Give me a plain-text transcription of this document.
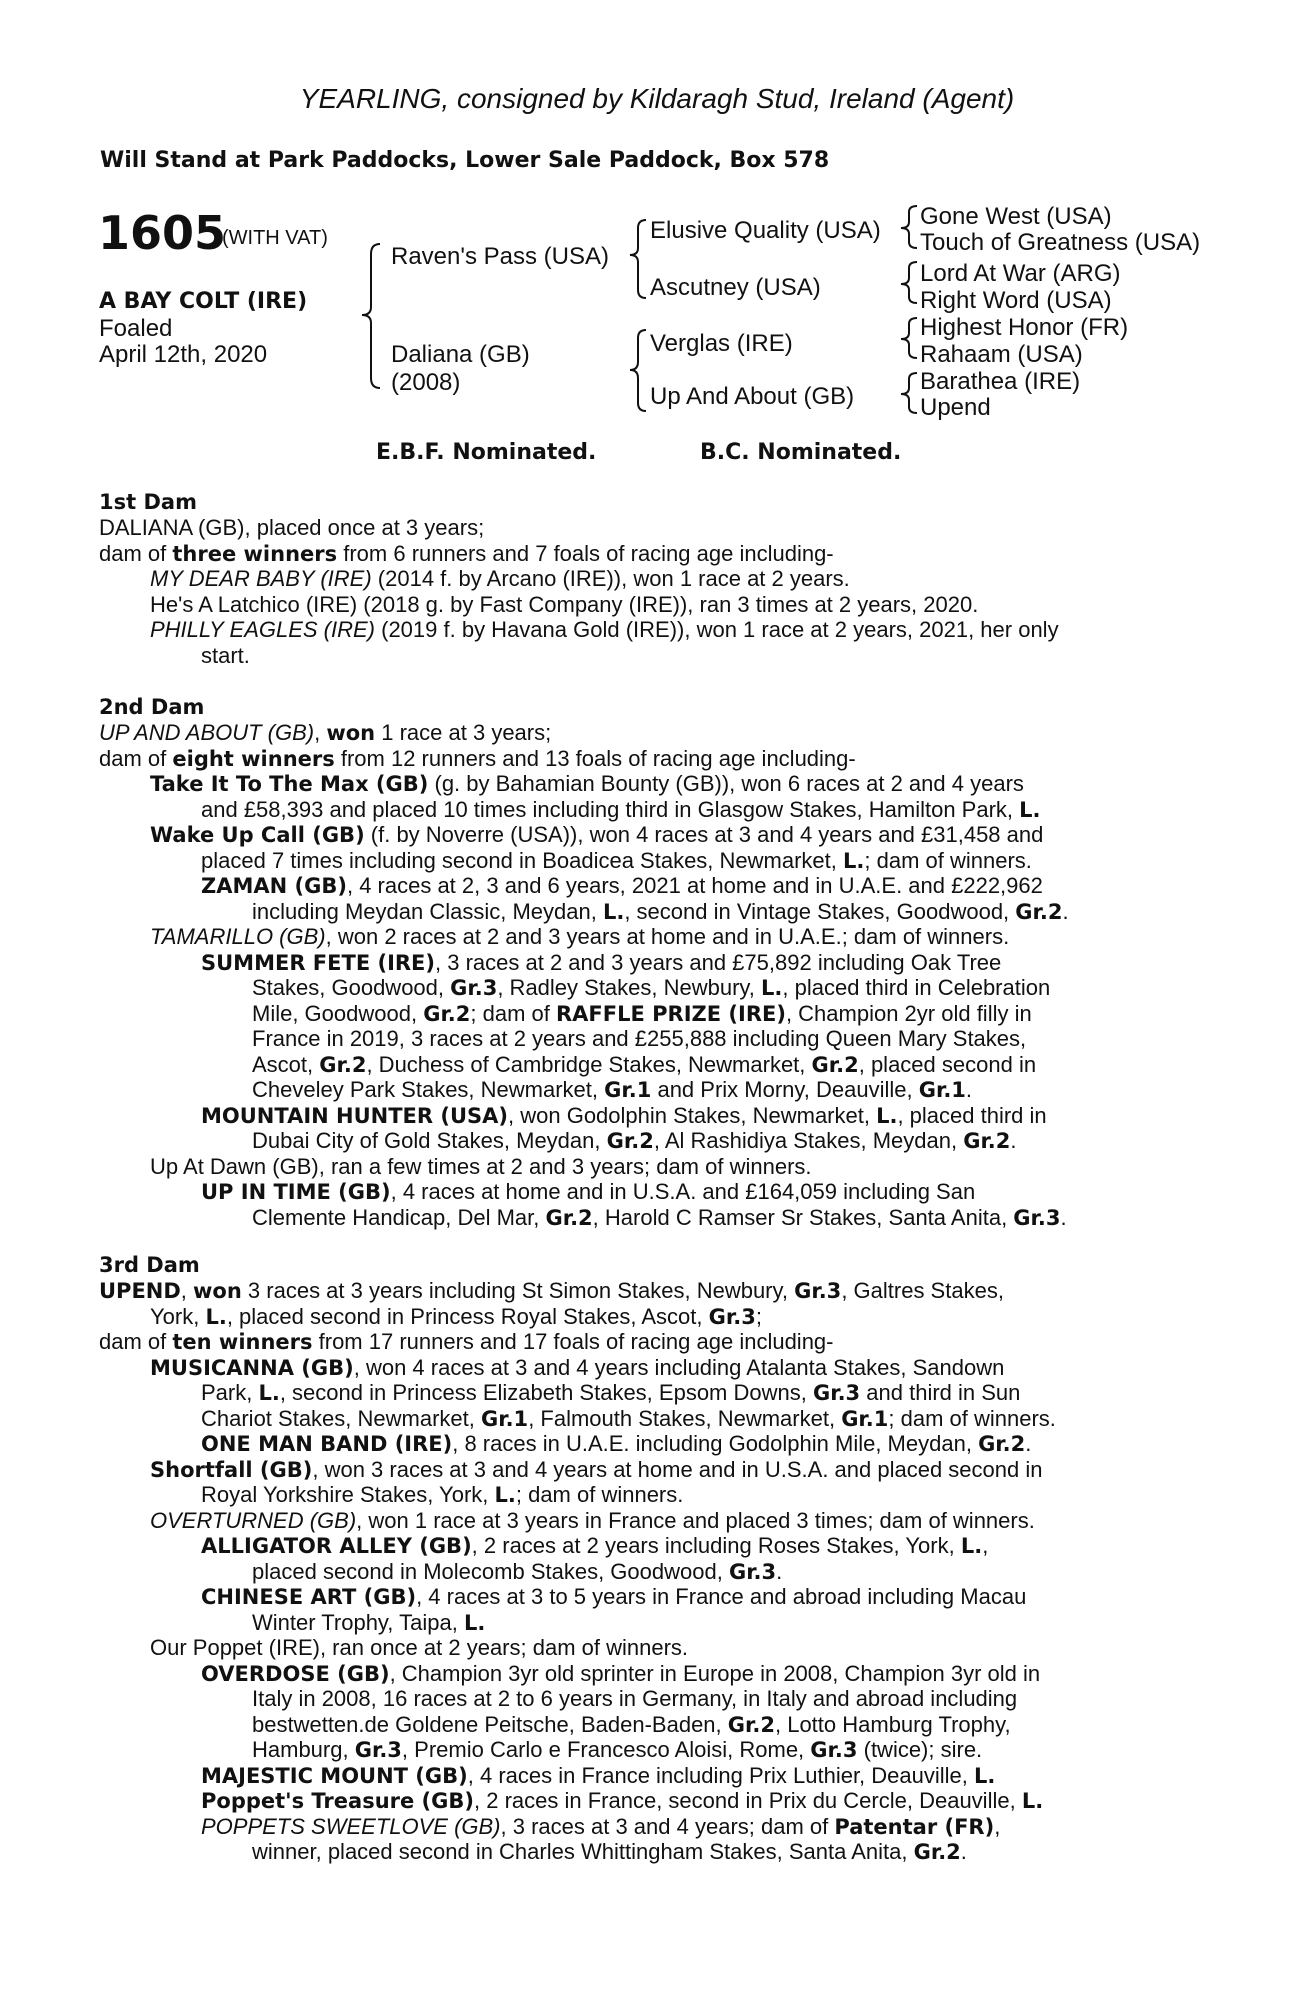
YEARLING, consigned by Kildaragh Stud, Ireland (Agent)
Will Stand at Park Paddocks, Lower Sale Paddock, Box 578
1605
(WITH VAT)
A BAY COLT (IRE)
Foaled
April 12th, 2020
Raven's Pass (USA)
Daliana (GB)
(2008)
Elusive Quality (USA)
Ascutney (USA)
Verglas (IRE)
Up And About (GB)
Gone West (USA)
Touch of Greatness (USA)
Lord At War (ARG)
Right Word (USA)
Highest Honor (FR)
Rahaam (USA)
Barathea (IRE)
Upend
E.B.F. Nominated.	B.C. Nominated.
1st Dam
DALIANA (GB), placed once at 3 years;
dam of three winners from 6 runners and 7 foals of racing age including-
MY DEAR BABY (IRE) (2014 f. by Arcano (IRE)), won 1 race at 2 years.
He's A Latchico (IRE) (2018 g. by Fast Company (IRE)), ran 3 times at 2 years, 2020.
PHILLY EAGLES (IRE) (2019 f. by Havana Gold (IRE)), won 1 race at 2 years, 2021, her only
start.
2nd Dam
UP AND ABOUT (GB), won 1 race at 3 years;
dam of eight winners from 12 runners and 13 foals of racing age including-
Take It To The Max (GB) (g. by Bahamian Bounty (GB)), won 6 races at 2 and 4 years
and £58,393 and placed 10 times including third in Glasgow Stakes, Hamilton Park, L.
Wake Up Call (GB) (f. by Noverre (USA)), won 4 races at 3 and 4 years and £31,458 and
placed 7 times including second in Boadicea Stakes, Newmarket, L.; dam of winners.
ZAMAN (GB), 4 races at 2, 3 and 6 years, 2021 at home and in U.A.E. and £222,962
including Meydan Classic, Meydan, L., second in Vintage Stakes, Goodwood, Gr.2.
TAMARILLO (GB), won 2 races at 2 and 3 years at home and in U.A.E.; dam of winners.
SUMMER FETE (IRE), 3 races at 2 and 3 years and £75,892 including Oak Tree
Stakes, Goodwood, Gr.3, Radley Stakes, Newbury, L., placed third in Celebration
Mile, Goodwood, Gr.2; dam of RAFFLE PRIZE (IRE), Champion 2yr old filly in
France in 2019, 3 races at 2 years and £255,888 including Queen Mary Stakes,
Ascot, Gr.2, Duchess of Cambridge Stakes, Newmarket, Gr.2, placed second in
Cheveley Park Stakes, Newmarket, Gr.1 and Prix Morny, Deauville, Gr.1.
MOUNTAIN HUNTER (USA), won Godolphin Stakes, Newmarket, L., placed third in
Dubai City of Gold Stakes, Meydan, Gr.2, Al Rashidiya Stakes, Meydan, Gr.2.
Up At Dawn (GB), ran a few times at 2 and 3 years; dam of winners.
UP IN TIME (GB), 4 races at home and in U.S.A. and £164,059 including San
Clemente Handicap, Del Mar, Gr.2, Harold C Ramser Sr Stakes, Santa Anita, Gr.3.
3rd Dam
UPEND, won 3 races at 3 years including St Simon Stakes, Newbury, Gr.3, Galtres Stakes,
York, L., placed second in Princess Royal Stakes, Ascot, Gr.3;
dam of ten winners from 17 runners and 17 foals of racing age including-
MUSICANNA (GB), won 4 races at 3 and 4 years including Atalanta Stakes, Sandown
Park, L., second in Princess Elizabeth Stakes, Epsom Downs, Gr.3 and third in Sun
Chariot Stakes, Newmarket, Gr.1, Falmouth Stakes, Newmarket, Gr.1; dam of winners.
ONE MAN BAND (IRE), 8 races in U.A.E. including Godolphin Mile, Meydan, Gr.2.
Shortfall (GB), won 3 races at 3 and 4 years at home and in U.S.A. and placed second in
Royal Yorkshire Stakes, York, L.; dam of winners.
OVERTURNED (GB), won 1 race at 3 years in France and placed 3 times; dam of winners.
ALLIGATOR ALLEY (GB), 2 races at 2 years including Roses Stakes, York, L.,
placed second in Molecomb Stakes, Goodwood, Gr.3.
CHINESE ART (GB), 4 races at 3 to 5 years in France and abroad including Macau
Winter Trophy, Taipa, L.
Our Poppet (IRE), ran once at 2 years; dam of winners.
OVERDOSE (GB), Champion 3yr old sprinter in Europe in 2008, Champion 3yr old in
Italy in 2008, 16 races at 2 to 6 years in Germany, in Italy and abroad including
bestwetten.de Goldene Peitsche, Baden-Baden, Gr.2, Lotto Hamburg Trophy,
Hamburg, Gr.3, Premio Carlo e Francesco Aloisi, Rome, Gr.3 (twice); sire.
MAJESTIC MOUNT (GB), 4 races in France including Prix Luthier, Deauville, L.
Poppet's Treasure (GB), 2 races in France, second in Prix du Cercle, Deauville, L.
POPPETS SWEETLOVE (GB), 3 races at 3 and 4 years; dam of Patentar (FR),
winner, placed second in Charles Whittingham Stakes, Santa Anita, Gr.2.
